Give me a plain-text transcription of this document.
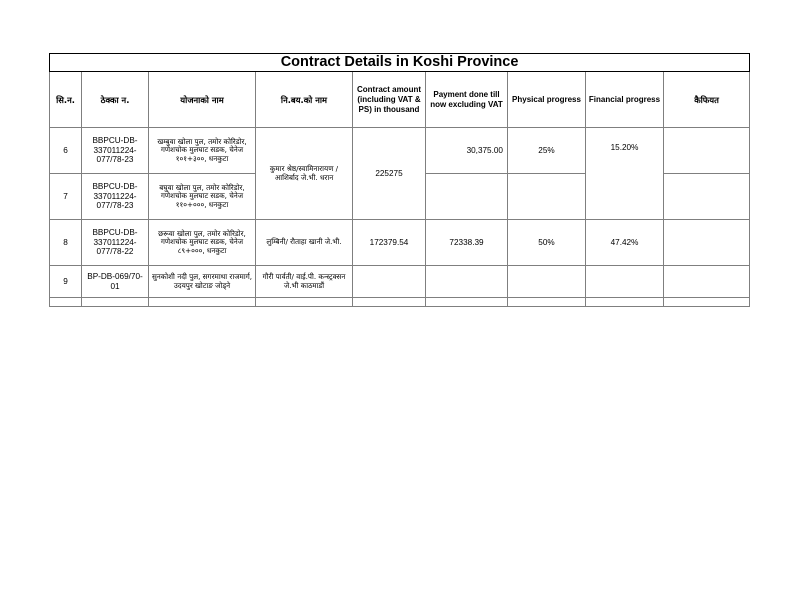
Contract Details in Koshi Province								
सि.न.	ठेक्का न.	योजनाको नाम	नि.बय.को नाम	Contract amount (including VAT & PS) in thousand	Payment done till now excluding VAT	Physical progress	Financial progress	कैफियत
6	BBPCU-DB-337011224-077/78-23	खम्बुवा खोला पुल, तमोर कोरिडोर, गणेशचोक मुलघाट सडक, चेनेज १०१+३००, धनकुटा	कुमार श्रेष्ठ/स्वामिनारायण /आशिर्बाद जे.भी. धरान	225275	30,375.00	25%	15.20%	
7	BBPCU-DB-337011224-077/78-23	बघुवा खोला पुल, तमोर कोरिडोर, गणेशचोक मुलघाट सडक, चेनेज ११०+०००, धनकुटा						
8	BBPCU-DB-337011224-077/78-22	छरूवा खोला पुल, तमोर कोरिडोर, गणेशचोक मुलघाट सडक, चेनेज ८९+०००, धनकुटा	लुम्बिनी/ रौताहा खानी जे.भी.	172379.54	72338.39	50%	47.42%	
9	BP-DB-069/70-01	सुनकोशी नदी पुल, सगरमाथा राजमार्ग, उदयपुर खोटाङ जोड्ने	गौरी पार्वती/ वाई.पी. कन्स्ट्रक्सन जे.भी काठमाडौं					
